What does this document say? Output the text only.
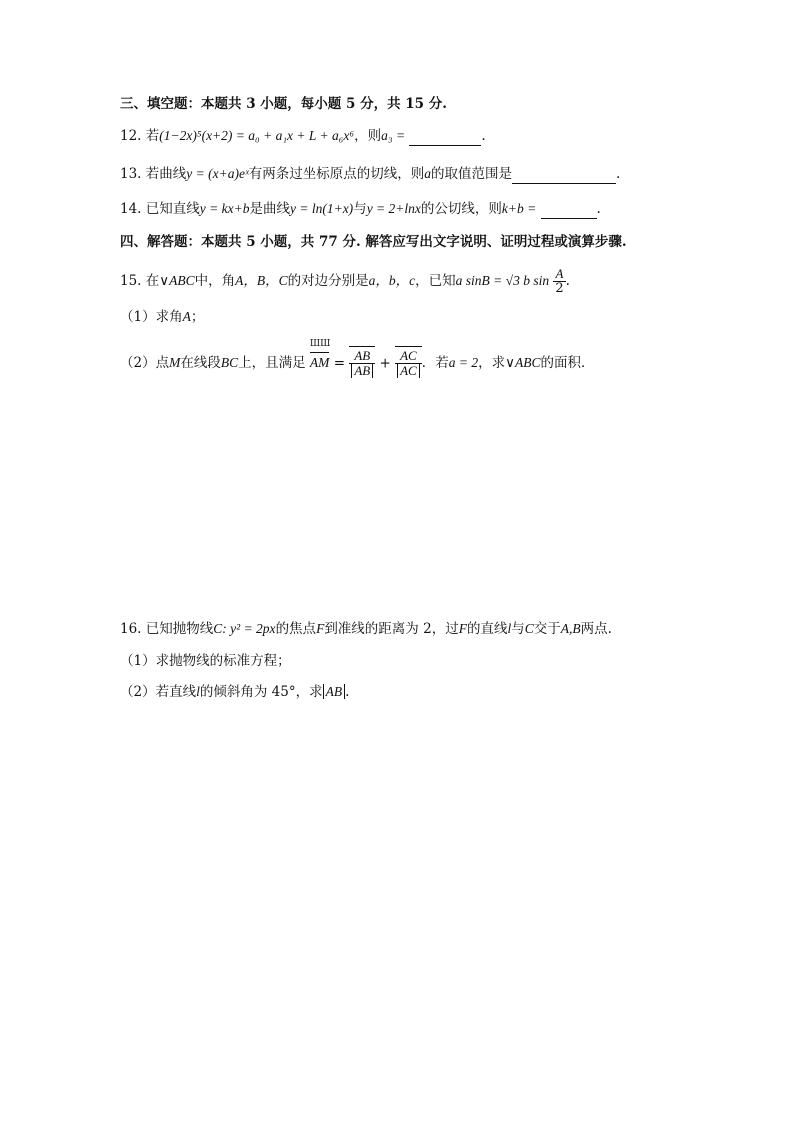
三、填空题：本题共 3 小题，每小题 5 分，共 15 分.
12. 若(1−2x)⁵(x+2) = a₀ + a₁x + L + a₆x⁶，则a₃ =	.
13. 若曲线y = (x+a)eˣ有两条过坐标原点的切线，则a的取值范围是	.
14. 已知直线y = kx+b是曲线y = ln(1+x)与y = 2+lnx的公切线，则k+b =	.
四、解答题：本题共 5 小题，共 77 分. 解答应写出文字说明、证明过程或演算步骤.
15. 在∨ABC中，角A，B，C的对边分别是a，b，c，已知a sinB = √3 b $\sin \frac{A}{2}$ .
（1）求角A；
（2）点M在线段BC上，且满足
ШШ
AM = $\frac{AB}{AB} + \frac{AC}{AC}$ ．若a = 2，求∨ABC的面积．
16. 已知抛物线C: y² = 2px的焦点F到准线的距离为 2，过F的直线l与C交于A,B两点.
（1）求抛物线的标准方程；
（2）若直线l的倾斜角为 45°，求 AB .
